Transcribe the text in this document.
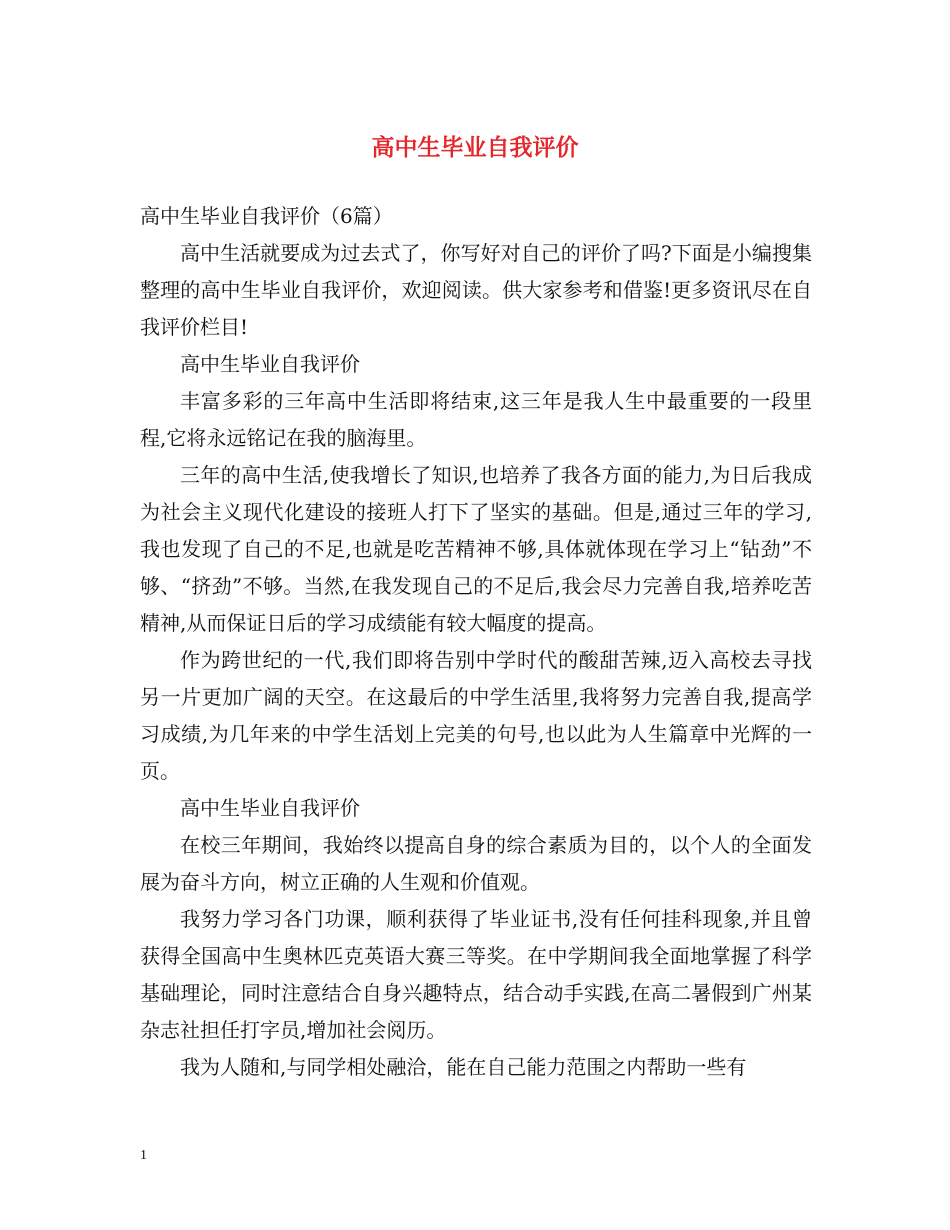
高中生毕业自我评价

高中生毕业自我评价（6篇）

高中生活就要成为过去式了，你写好对自己的评价了吗?下面是小编搜集整理的高中生毕业自我评价，欢迎阅读。供大家参考和借鉴!更多资讯尽在自我评价栏目!

高中生毕业自我评价

丰富多彩的三年高中生活即将结束,这三年是我人生中最重要的一段里程,它将永远铭记在我的脑海里。

三年的高中生活,使我增长了知识,也培养了我各方面的能力,为日后我成为社会主义现代化建设的接班人打下了坚实的基础。但是,通过三年的学习,我也发现了自己的不足,也就是吃苦精神不够,具体就体现在学习上“钻劲”不够、“挤劲”不够。当然,在我发现自己的不足后,我会尽力完善自我,培养吃苦精神,从而保证日后的学习成绩能有较大幅度的提高。

作为跨世纪的一代,我们即将告别中学时代的酸甜苦辣,迈入高校去寻找另一片更加广阔的天空。在这最后的中学生活里,我将努力完善自我,提高学习成绩,为几年来的中学生活划上完美的句号,也以此为人生篇章中光辉的一页。

高中生毕业自我评价

在校三年期间，我始终以提高自身的综合素质为目的，以个人的全面发展为奋斗方向，树立正确的人生观和价值观。

我努力学习各门功课，顺利获得了毕业证书,没有任何挂科现象,并且曾获得全国高中生奥林匹克英语大赛三等奖。在中学期间我全面地掌握了科学基础理论，同时注意结合自身兴趣特点，结合动手实践,在高二暑假到广州某杂志社担任打字员,增加社会阅历。

我为人随和,与同学相处融洽，能在自己能力范围之内帮助一些有

1
